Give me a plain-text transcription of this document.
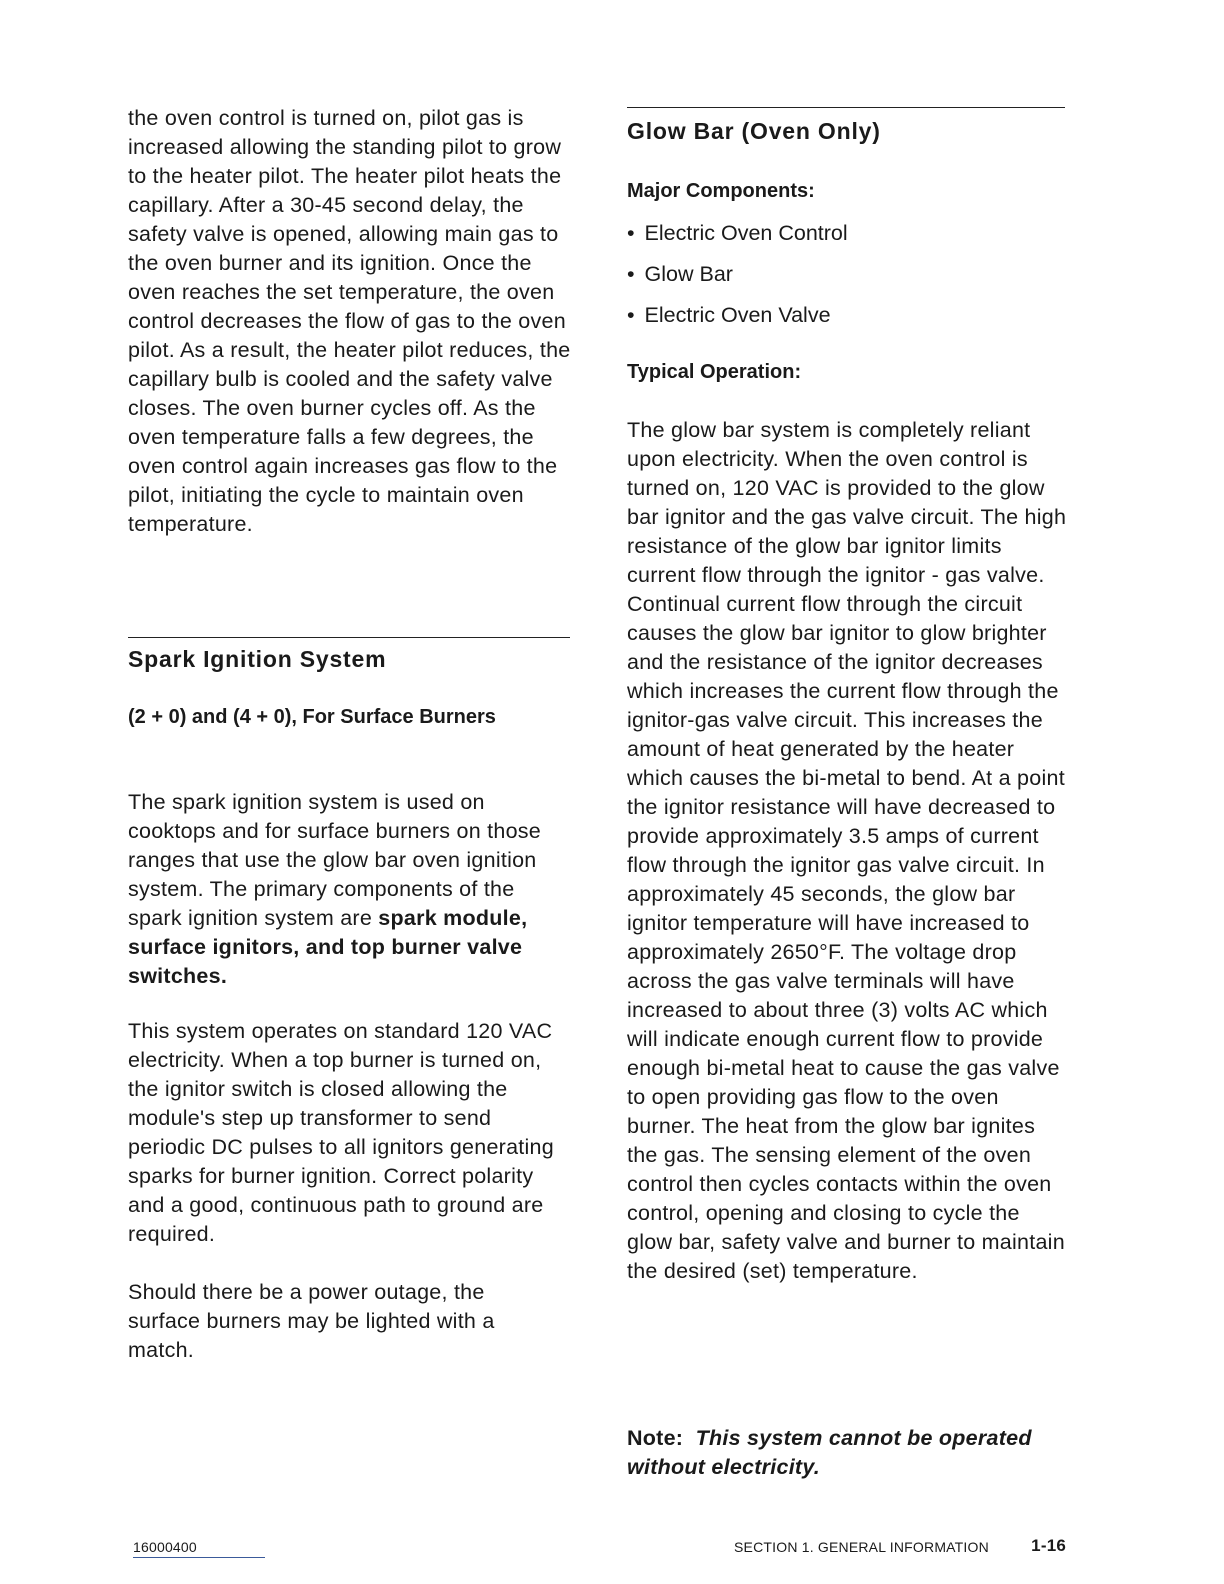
the oven control is turned on, pilot gas is increased allowing the standing pilot to grow to the heater pilot. The heater pilot heats the capillary. After a 30-45 second delay, the safety valve is opened, allowing main gas to the oven burner and its ignition. Once the oven reaches the set temperature, the oven control decreases the flow of gas to the oven pilot. As a result, the heater pilot reduces, the capillary bulb is cooled and the safety valve closes. The oven burner cycles off. As the oven temperature falls a few degrees, the oven control again increases gas flow to the pilot, initiating the cycle to maintain oven temperature.

Spark Ignition System
(2 + 0) and (4 + 0), For Surface Burners

The spark ignition system is used on cooktops and for surface burners on those ranges that use the glow bar oven ignition system. The primary components of the spark ignition system are spark module, surface ignitors, and top burner valve switches.

This system operates on standard 120 VAC electricity. When a top burner is turned on, the ignitor switch is closed allowing the module's step up transformer to send periodic DC pulses to all ignitors generating sparks for burner ignition. Correct polarity and a good, continuous path to ground are required.

Should there be a power outage, the surface burners may be lighted with a match.

Glow Bar (Oven Only)
Major Components:
• Electric Oven Control
• Glow Bar
• Electric Oven Valve
Typical Operation:

The glow bar system is completely reliant upon electricity. When the oven control is turned on, 120 VAC is provided to the glow bar ignitor and the gas valve circuit. The high resistance of the glow bar ignitor limits current flow through the ignitor - gas valve. Continual current flow through the circuit causes the glow bar ignitor to glow brighter and the resistance of the ignitor decreases which increases the current flow through the ignitor-gas valve circuit. This increases the amount of heat generated by the heater which causes the bi-metal to bend. At a point the ignitor resistance will have decreased to provide approximately 3.5 amps of current flow through the ignitor gas valve circuit. In approximately 45 seconds, the glow bar ignitor temperature will have increased to approximately 2650°F. The voltage drop across the gas valve terminals will have increased to about three (3) volts AC which will indicate enough current flow to provide enough bi-metal heat to cause the gas valve to open providing gas flow to the oven burner. The heat from the glow bar ignites the gas. The sensing element of the oven control then cycles contacts within the oven control, opening and closing to cycle the glow bar, safety valve and burner to maintain the desired (set) temperature.

Note: This system cannot be operated without electricity.

16000400	SECTION 1. GENERAL INFORMATION 1-16
